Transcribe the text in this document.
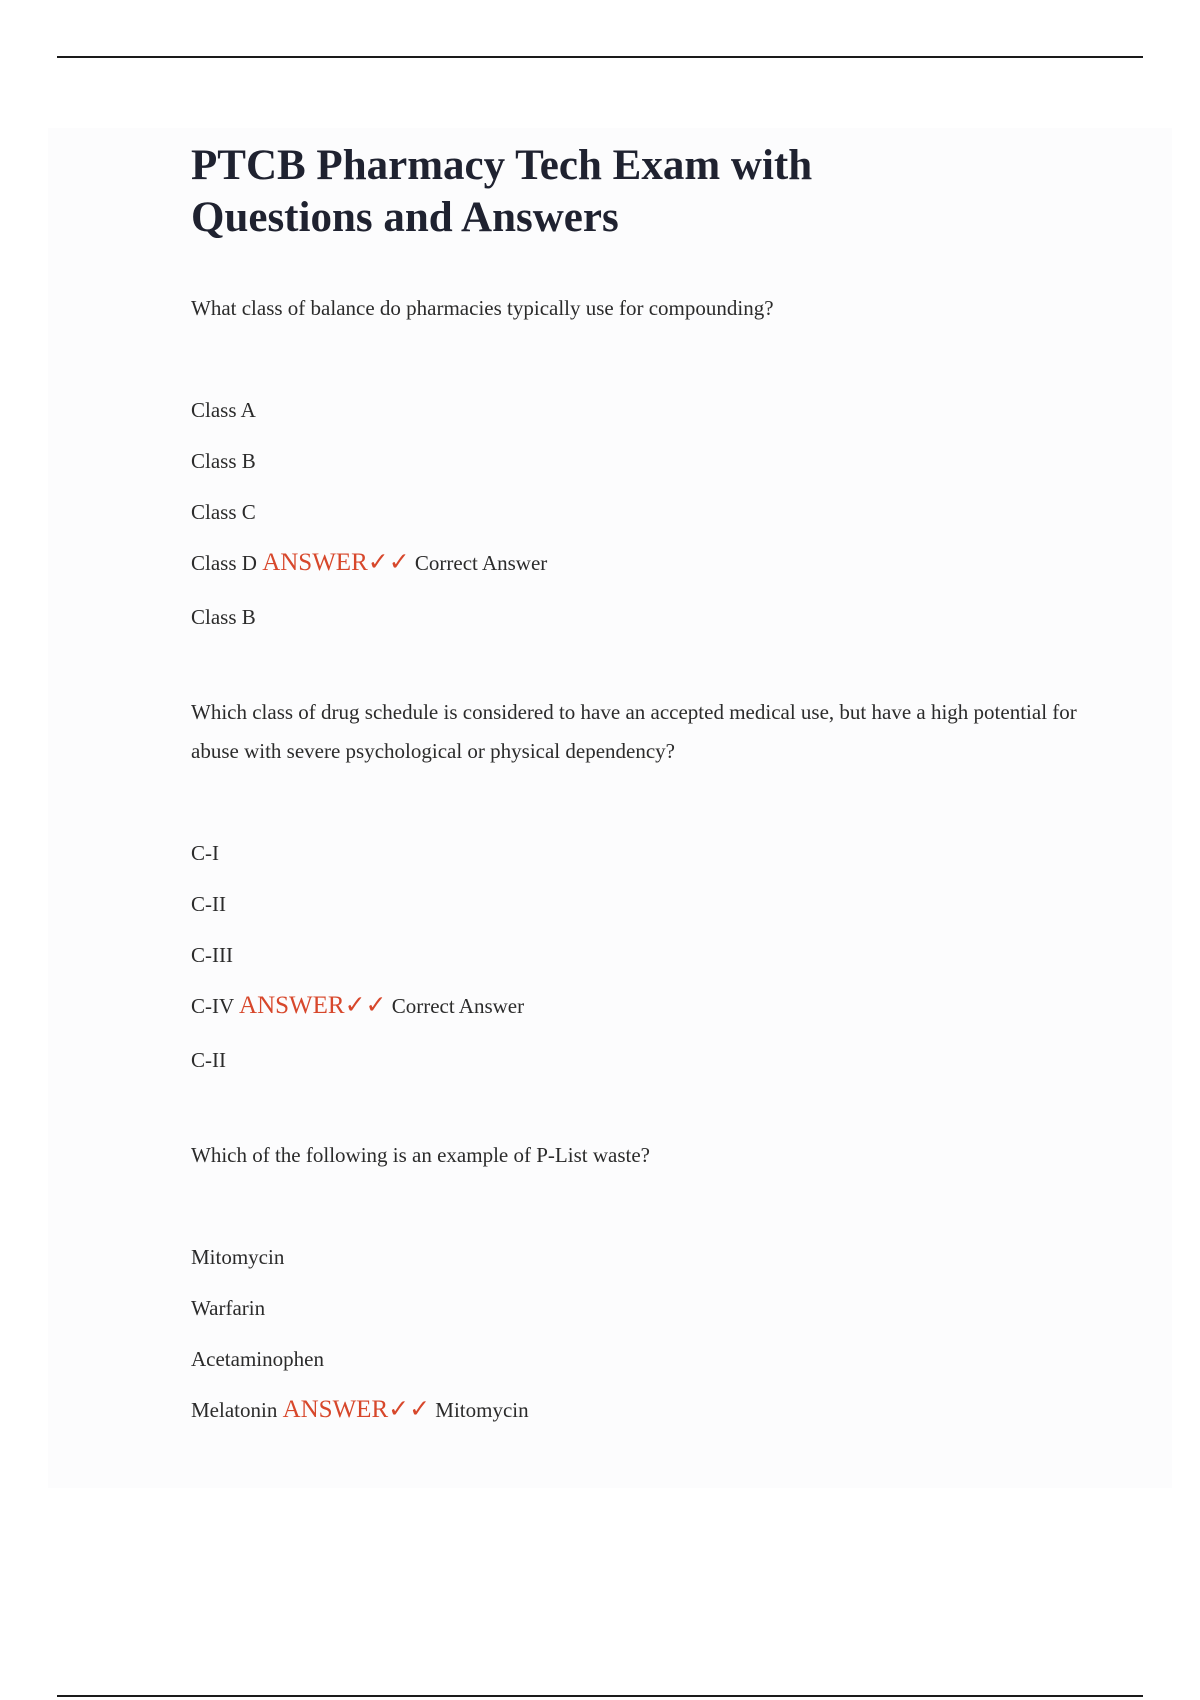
PTCB Pharmacy Tech Exam with
Questions and Answers
What class of balance do pharmacies typically use for compounding?
Class A
Class B
Class C
Class D ANSWER✓✓ Correct Answer
Class B
Which class of drug schedule is considered to have an accepted medical use, but have a high potential for abuse with severe psychological or physical dependency?
C-I
C-II
C-III
C-IV ANSWER✓✓ Correct Answer
C-II
Which of the following is an example of P-List waste?
Mitomycin
Warfarin
Acetaminophen
Melatonin ANSWER✓✓ Mitomycin
